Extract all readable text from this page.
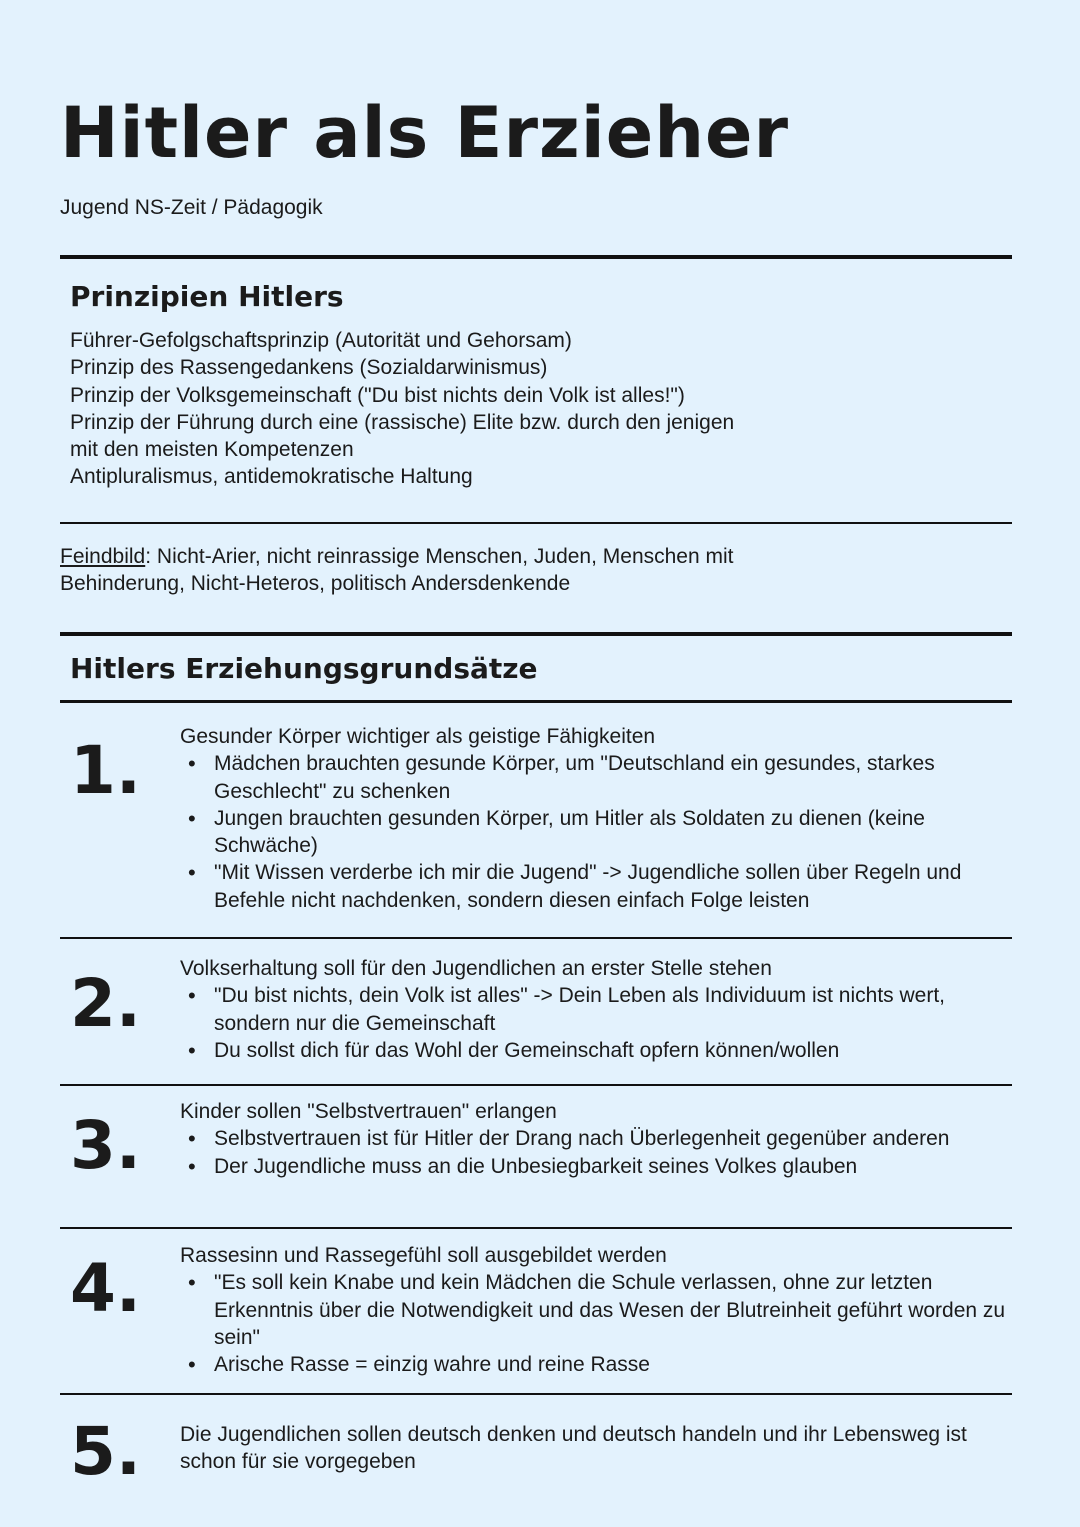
Hitler als Erzieher

Jugend NS-Zeit / Pädagogik

Prinzipien Hitlers
Führer-Gefolgschaftsprinzip (Autorität und Gehorsam)
Prinzip des Rassengedankens (Sozialdarwinismus)
Prinzip der Volksgemeinschaft ("Du bist nichts dein Volk ist alles!")
Prinzip der Führung durch eine (rassische) Elite bzw. durch den jenigen
mit den meisten Kompetenzen
Antipluralismus, antidemokratische Haltung

Feindbild: Nicht-Arier, nicht reinrassige Menschen, Juden, Menschen mit Behinderung, Nicht-Heteros, politisch Andersdenkende

Hitlers Erziehungsgrundsätze
1. Gesunder Körper wichtiger als geistige Fähigkeiten

• Mädchen brauchten gesunde Körper, um "Deutschland ein gesundes, starkes Geschlecht" zu schenken
• Jungen brauchten gesunden Körper, um Hitler als Soldaten zu dienen (keine Schwäche)
• "Mit Wissen verderbe ich mir die Jugend" -> Jugendliche sollen über Regeln und Befehle nicht nachdenken, sondern diesen einfach Folge leisten
2. Volkserhaltung soll für den Jugendlichen an erster Stelle stehen

• "Du bist nichts, dein Volk ist alles" -> Dein Leben als Individuum ist nichts wert, sondern nur die Gemeinschaft
• Du sollst dich für das Wohl der Gemeinschaft opfern können/wollen
3. Kinder sollen "Selbstvertrauen" erlangen

• Selbstvertrauen ist für Hitler der Drang nach Überlegenheit gegenüber anderen
• Der Jugendliche muss an die Unbesiegbarkeit seines Volkes glauben
4. Rassesinn und Rassegefühl soll ausgebildet werden

• "Es soll kein Knabe und kein Mädchen die Schule verlassen, ohne zur letzten Erkenntnis über die Notwendigkeit und das Wesen der Blutreinheit geführt worden zu sein"
• Arische Rasse = einzig wahre und reine Rasse
5. Die Jugendlichen sollen deutsch denken und deutsch handeln und ihr Lebensweg ist schon für sie vorgegeben
